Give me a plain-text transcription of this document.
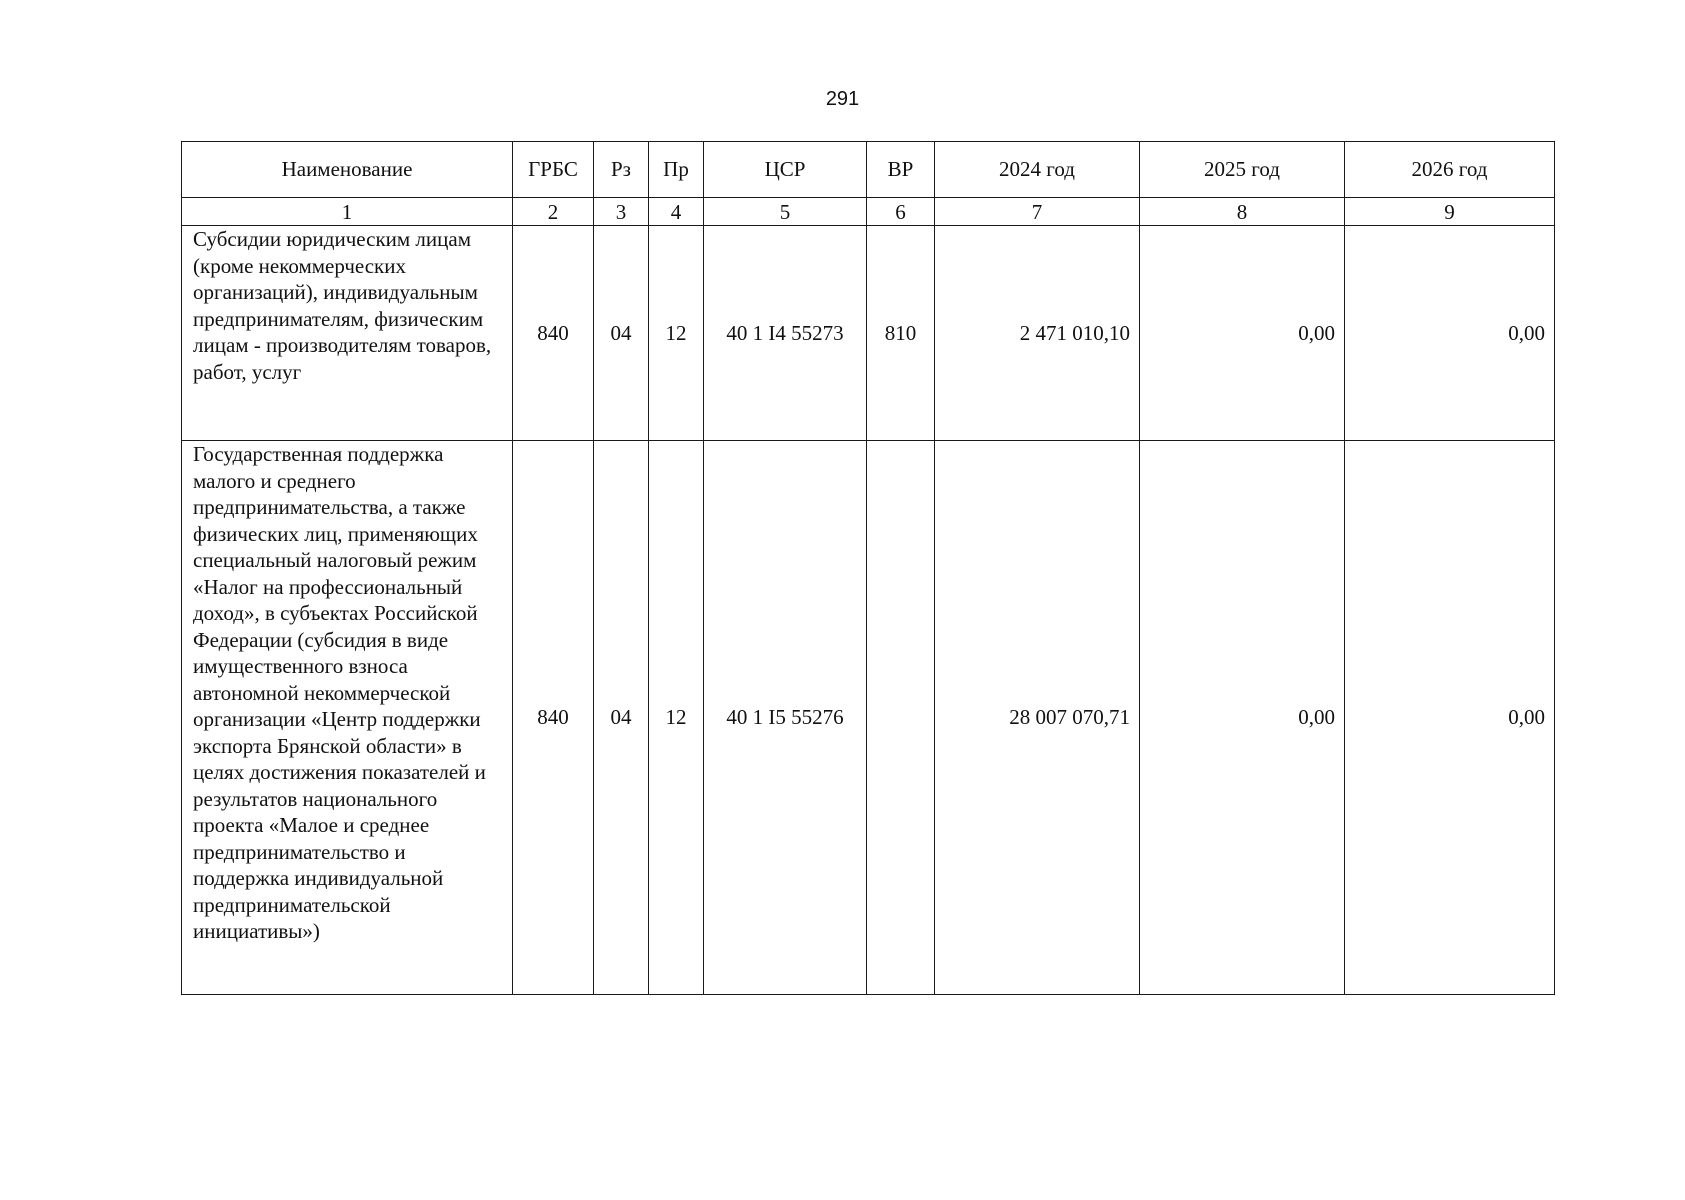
291
Наименование	ГРБС	Рз	Пр	ЦСР	ВР	2024 год	2025 год	2026 год
1	2	3	4	5	6	7	8	9
Субсидии юридическим лицам (кроме некоммерческих организаций), индивидуальным предпринимателям, физическим лицам - производителям товаров, работ, услуг	840	04	12	40 1 I4 55273	810	2 471 010,10	0,00	0,00
Государственная поддержка малого и среднего предпринимательства, а также физических лиц, применяющих специальный налоговый режим «Налог на профессиональный доход», в субъектах Российской Федерации (субсидия в виде имущественного взноса автономной некоммерческой организации «Центр поддержки экспорта Брянской области» в целях достижения показателей и результатов национального проекта «Малое и среднее предпринимательство и поддержка индивидуальной предпринимательской инициативы»)	840	04	12	40 1 I5 55276		28 007 070,71	0,00	0,00
